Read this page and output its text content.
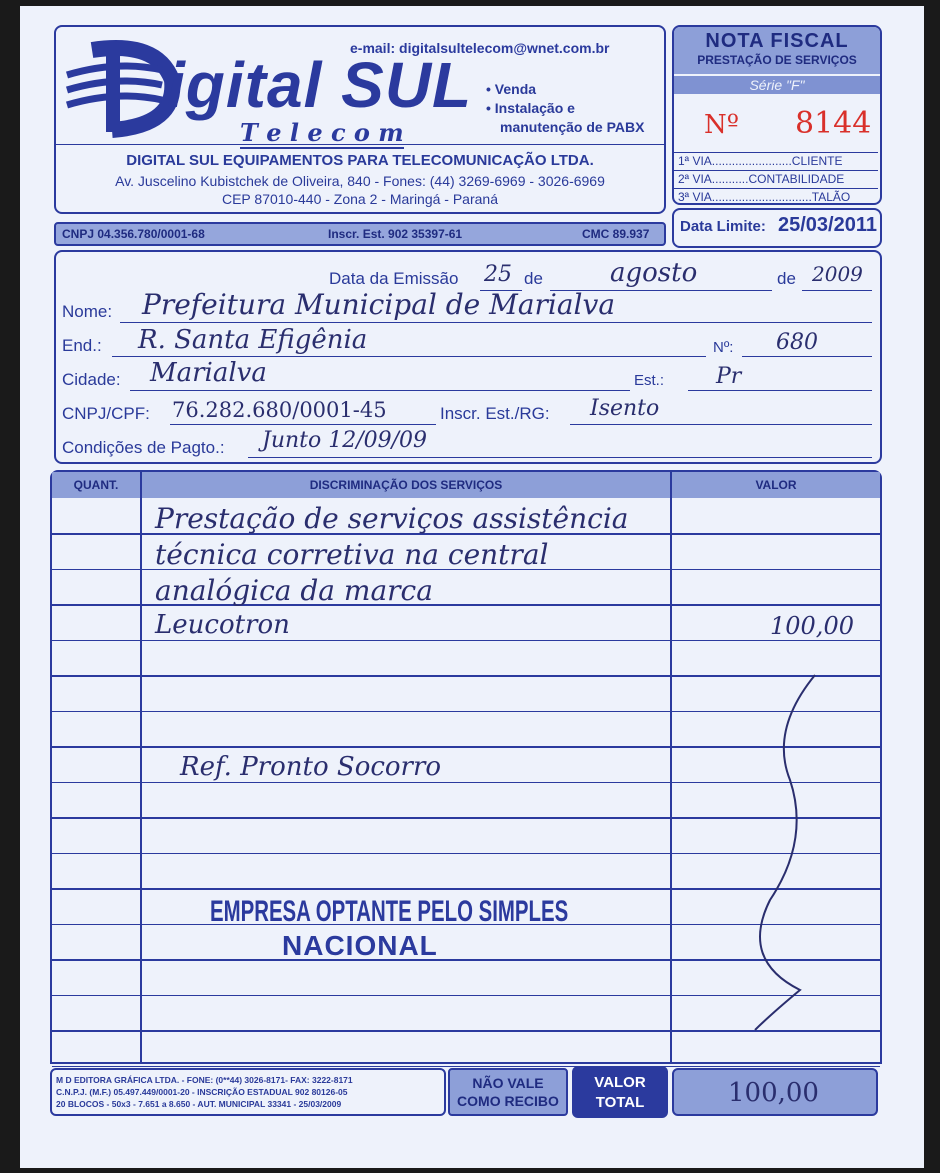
igital SUL
T e l e c o m
e-mail: digitalsultelecom@wnet.com.br
• Venda
• Instalação e
manutenção de PABX
DIGITAL SUL EQUIPAMENTOS PARA TELECOMUNICAÇÃO LTDA.
Av. Juscelino Kubistchek de Oliveira, 840 - Fones: (44) 3269-6969 - 3026-6969
CEP 87010-440 - Zona 2 - Maringá - Paraná
CNPJ 04.356.780/0001-68	Inscr. Est. 902 35397-61	CMC 89.937
NOTA FISCAL
PRESTAÇÃO DE SERVIÇOS
Série "F"
Nº 8144
1ª VIA........................CLIENTE
2ª VIA...........CONTABILIDADE
3ª VIA..............................TALÃO
Data Limite: 25/03/2011
Data da Emissão 25 de	agosto	de 2009
Nome: Prefeitura Municipal de Marialva
End.: R. Santa Efigênia	Nº: 680
Cidade: Marialva	Est.: Pr
CNPJ/CPF: 76.282.680/0001-45	Inscr. Est./RG: Isento
Condições de Pagto.: Junto 12/09/09
QUANT.	DISCRIMINAÇÃO DOS SERVIÇOS	VALOR
Prestação de serviços assistência
técnica corretiva na central
analógica da marca
Leucotron	100,00
Ref. Pronto Socorro
EMPRESA OPTANTE PELO SIMPLES
NACIONAL
M D EDITORA GRÁFICA LTDA. - FONE: (0**44) 3026-8171- FAX: 3222-8171
C.N.P.J. (M.F.) 05.497.449/0001-20 - INSCRIÇÃO ESTADUAL 902 80126-05
20 BLOCOS - 50x3 - 7.651 a 8.650 - AUT. MUNICIPAL 33341 - 25/03/2009
NÃO VALE
COMO RECIBO
VALOR
TOTAL	100,00
